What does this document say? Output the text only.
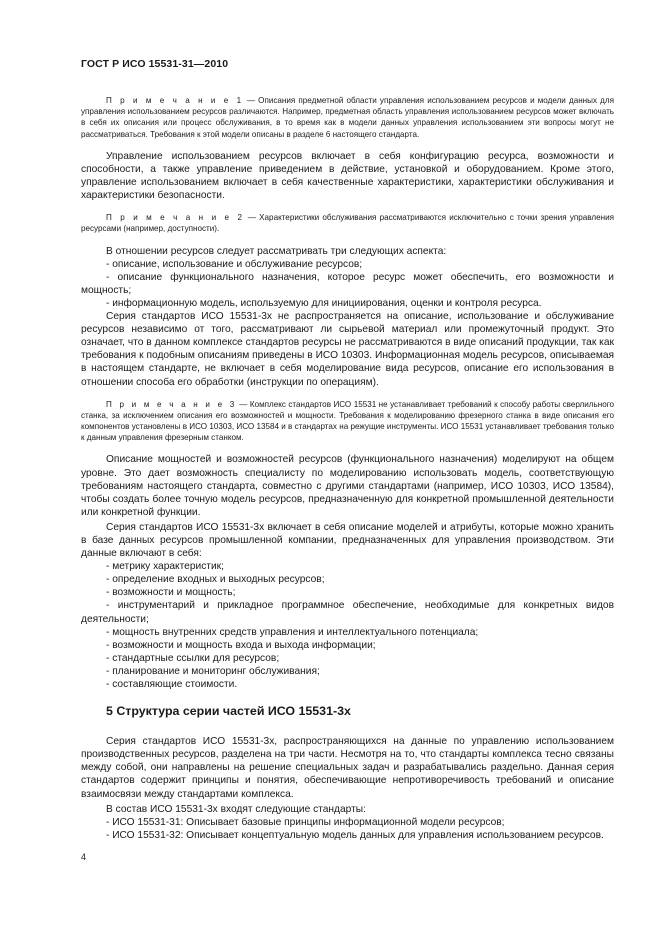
ГОСТ Р ИСО 15531-31—2010

П р и м е ч а н и е 1 — Описания предметной области управления использованием ресурсов и модели данных для управления использованием ресурсов различаются. Например, предметная область управления использованием ресурсов может включать в себя их описания или процесс обслуживания, в то время как в модели данных управления использованием эти вопросы могут не рассматриваться. Требования к этой модели описаны в разделе 6 настоящего стандарта.

Управление использованием ресурсов включает в себя конфигурацию ресурса, возможности и способности, а также управление приведением в действие, установкой и оборудованием. Кроме этого, управление использованием включает в себя качественные характеристики, характеристики обслуживания и характеристики безопасности.

П р и м е ч а н и е 2 — Характеристики обслуживания рассматриваются исключительно с точки зрения управления ресурсами (например, доступности).

В отношении ресурсов следует рассматривать три следующих аспекта:

- описание, использование и обслуживание ресурсов;

- описание функционального назначения, которое ресурс может обеспечить, его возможности и мощность;

- информационную модель, используемую для инициирования, оценки и контроля ресурса.

Серия стандартов ИСО 15531-3х не распространяется на описание, использование и обслуживание ресурсов независимо от того, рассматривают ли сырьевой материал или промежуточный продукт. Это означает, что в данном комплексе стандартов ресурсы не рассматриваются в виде описаний продукции, так как требования к подобным описаниям приведены в ИСО 10303. Информационная модель ресурсов, описываемая в настоящем стандарте, не включает в себя моделирование вида ресурсов, описание его использования в отношении способа его обработки (инструкции по операциям).

П р и м е ч а н и е 3 — Комплекс стандартов ИСО 15531 не устанавливает требований к способу работы сверлильного станка, за исключением описания его возможностей и мощности. Требования к моделированию фрезерного станка в виде описания его компонентов установлены в ИСО 10303, ИСО 13584 и в стандартах на режущие инструменты. ИСО 15531 устанавливает требования только к данным управления фрезерным станком.

Описание мощностей и возможностей ресурсов (функционального назначения) моделируют на общем уровне. Это дает возможность специалисту по моделированию использовать модель, соответствующую требованиям настоящего стандарта, совместно с другими стандартами (например, ИСО 10303, ИСО 13584), чтобы создать более точную модель ресурсов, предназначенную для конкретной промышленной деятельности или конкретной функции.

Серия стандартов ИСО 15531-3х включает в себя описание моделей и атрибуты, которые можно хранить в базе данных ресурсов промышленной компании, предназначенных для управления производством. Эти данные включают в себя:

- метрику характеристик;

- определение входных и выходных ресурсов;

- возможности и мощность;

- инструментарий и прикладное программное обеспечение, необходимые для конкретных видов деятельности;

- мощность внутренних средств управления и интеллектуального потенциала;

- возможности и мощность входа и выхода информации;

- стандартные ссылки для ресурсов;

- планирование и мониторинг обслуживания;

- составляющие стоимости.

5 Структура серии частей ИСО 15531-3х

Серия стандартов ИСО 15531-3х, распространяющихся на данные по управлению использованием производственных ресурсов, разделена на три части. Несмотря на то, что стандарты комплекса тесно связаны между собой, они направлены на решение специальных задач и разрабатывались раздельно. Данная серия стандартов содержит принципы и понятия, обеспечивающие непротиворечивость требований и описание взаимосвязи между стандартами комплекса.

В состав ИСО 15531-3х входят следующие стандарты:

- ИСО 15531-31: Описывает базовые принципы информационной модели ресурсов;

- ИСО 15531-32: Описывает концептуальную модель данных для управления использованием ресурсов.

4
